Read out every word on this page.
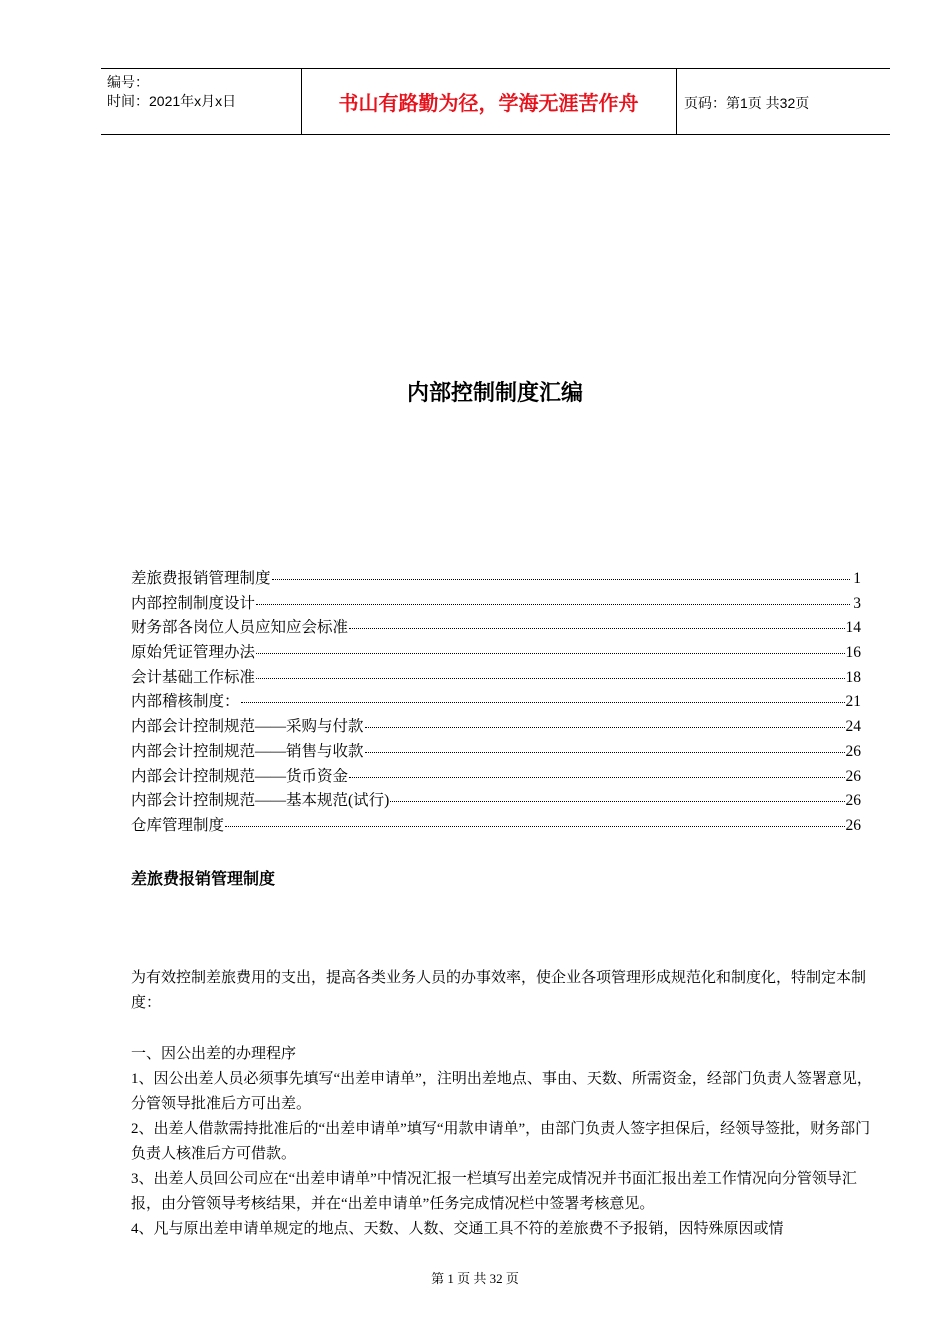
编号：
时间：2021年x月x日	书山有路勤为径，学海无涯苦作舟	页码：第1页 共32页
内部控制制度汇编
差旅费报销管理制度	1
内部控制制度设计	3
财务部各岗位人员应知应会标准	14
原始凭证管理办法	16
会计基础工作标准	18
内部稽核制度：	21
内部会计控制规范——采购与付款	24
内部会计控制规范——销售与收款	26
内部会计控制规范——货币资金	26
内部会计控制规范——基本规范(试行)	26
仓库管理制度	26
差旅费报销管理制度

为有效控制差旅费用的支出，提高各类业务人员的办事效率，使企业各项管理形成规范化和制度化，特制定本制度：

一、因公出差的办理程序

1、因公出差人员必须事先填写“出差申请单”，注明出差地点、事由、天数、所需资金，经部门负责人签署意见，分管领导批准后方可出差。

2、出差人借款需持批准后的“出差申请单”填写“用款申请单”，由部门负责人签字担保后，经领导签批，财务部门负责人核准后方可借款。

3、出差人员回公司应在“出差申请单”中情况汇报一栏填写出差完成情况并书面汇报出差工作情况向分管领导汇报，由分管领导考核结果，并在“出差申请单”任务完成情况栏中签署考核意见。

4、凡与原出差申请单规定的地点、天数、人数、交通工具不符的差旅费不予报销，因特殊原因或情

第 1 页 共 32 页
